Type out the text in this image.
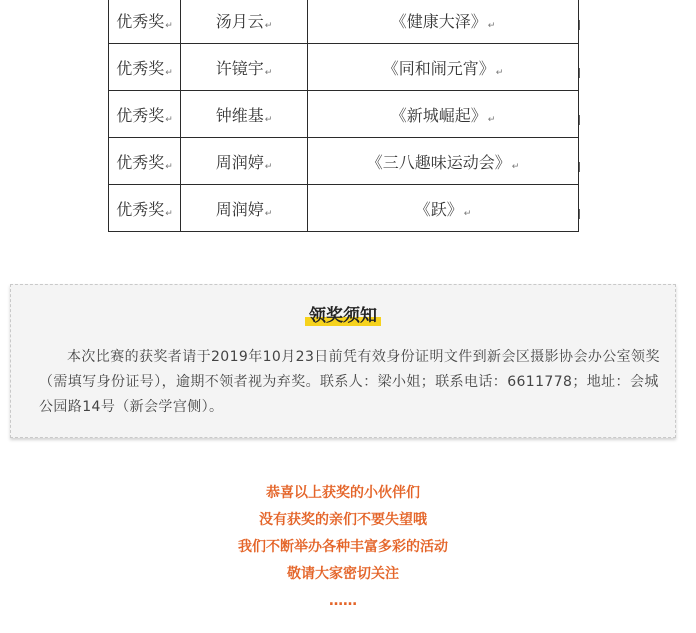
优秀奖↵	汤月云↵	《健康大泽》↵
优秀奖↵	许镜宇↵	《同和闹元宵》↵
优秀奖↵	钟维基↵	《新城崛起》↵
优秀奖↵	周润婷↵	《三八趣味运动会》↵
优秀奖↵	周润婷↵	《跃》↵
领奖须知

本次比赛的获奖者请于2019年10月23日前凭有效身份证明文件到新会区摄影协会办公室领奖（需填写身份证号），逾期不领者视为弃奖。联系人：梁小姐；联系电话：6611778；地址：会城公园路14号（新会学宫侧）。

恭喜以上获奖的小伙伴们
没有获奖的亲们不要失望哦
我们不断举办各种丰富多彩的活动
敬请大家密切关注
……
